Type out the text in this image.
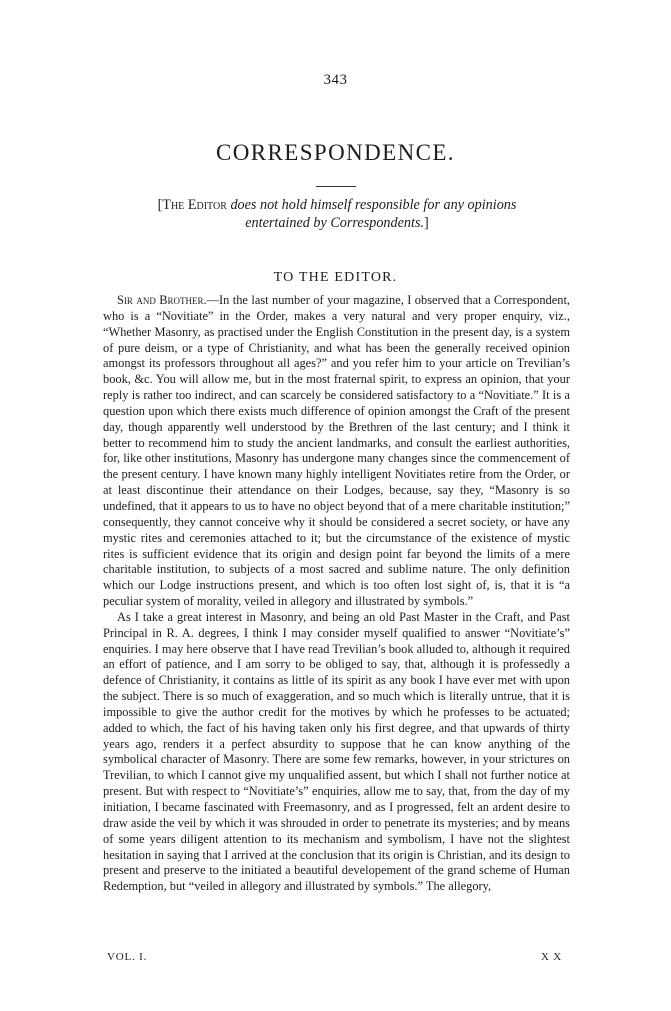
343
CORRESPONDENCE.
[The Editor does not hold himself responsible for any opinions
entertained by Correspondents.]
TO THE EDITOR.

Sir and Brother.—In the last number of your magazine, I observed that a Correspondent, who is a “Novitiate” in the Order, makes a very natural and very proper enquiry, viz., “Whether Masonry, as practised under the English Constitution in the present day, is a system of pure deism, or a type of Christianity, and what has been the generally received opinion amongst its professors throughout all ages?” and you refer him to your article on Trevilian’s book, &c. You will allow me, but in the most fraternal spirit, to express an opinion, that your reply is rather too indirect, and can scarcely be considered satisfactory to a “Novitiate.” It is a question upon which there exists much difference of opinion amongst the Craft of the present day, though apparently well understood by the Brethren of the last century; and I think it better to recommend him to study the ancient landmarks, and consult the earliest authorities, for, like other institutions, Masonry has undergone many changes since the commencement of the present century. I have known many highly intelligent Novitiates retire from the Order, or at least discontinue their attendance on their Lodges, because, say they, “Masonry is so undefined, that it appears to us to have no object beyond that of a mere charitable institution;” consequently, they cannot conceive why it should be considered a secret society, or have any mystic rites and ceremonies attached to it; but the circumstance of the existence of mystic rites is sufficient evidence that its origin and design point far beyond the limits of a mere charitable institution, to subjects of a most sacred and sublime nature. The only definition which our Lodge instructions present, and which is too often lost sight of, is, that it is “a peculiar system of morality, veiled in allegory and illustrated by symbols.”

As I take a great interest in Masonry, and being an old Past Master in the Craft, and Past Principal in R. A. degrees, I think I may consider myself qualified to answer “Novitiate’s” enquiries. I may here observe that I have read Trevilian’s book alluded to, although it required an effort of patience, and I am sorry to be obliged to say, that, although it is professedly a defence of Christianity, it contains as little of its spirit as any book I have ever met with upon the subject. There is so much of exaggeration, and so much which is literally untrue, that it is impossible to give the author credit for the motives by which he professes to be actuated; added to which, the fact of his having taken only his first degree, and that upwards of thirty years ago, renders it a perfect absurdity to suppose that he can know anything of the symbolical character of Masonry. There are some few remarks, however, in your strictures on Trevilian, to which I cannot give my unqualified assent, but which I shall not further notice at present. But with respect to “Novitiate’s” enquiries, allow me to say, that, from the day of my initiation, I became fascinated with Freemasonry, and as I progressed, felt an ardent desire to draw aside the veil by which it was shrouded in order to penetrate its mysteries; and by means of some years diligent attention to its mechanism and symbolism, I have not the slightest hesitation in saying that I arrived at the conclusion that its origin is Christian, and its design to present and preserve to the initiated a beautiful developement of the grand scheme of Human Redemption, but “veiled in allegory and illustrated by symbols.” The allegory,

VOL. I.	X X
